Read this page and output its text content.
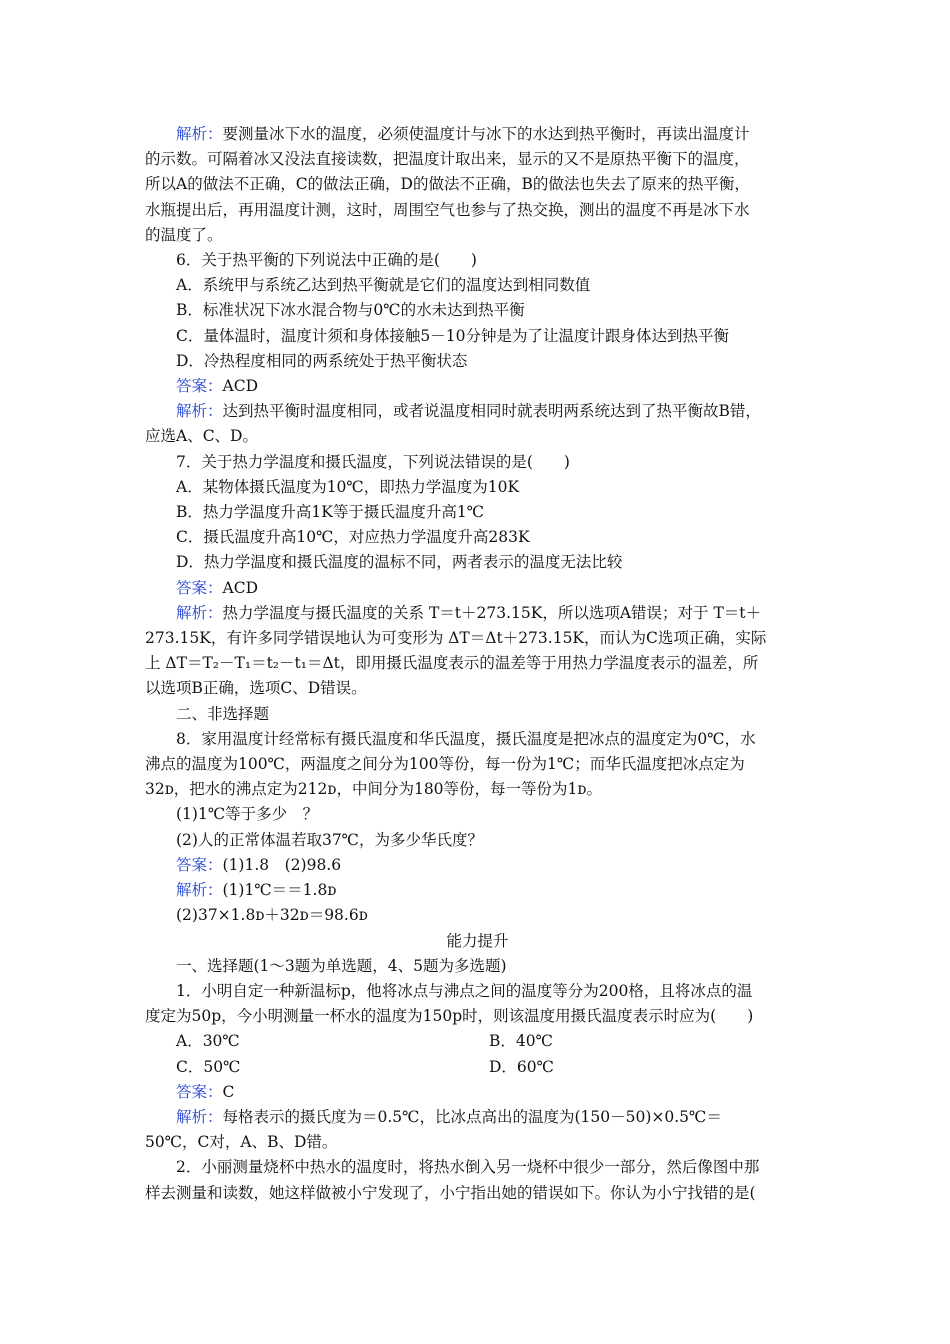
解析：要测量冰下水的温度，必须使温度计与冰下的水达到热平衡时，再读出温度计

的示数。可隔着冰又没法直接读数，把温度计取出来，显示的又不是原热平衡下的温度，

所以A的做法不正确，C的做法正确，D的做法不正确，B的做法也失去了原来的热平衡，

水瓶提出后，再用温度计测，这时，周围空气也参与了热交换，测出的温度不再是冰下水

的温度了。

6．关于热平衡的下列说法中正确的是(　　)

A．系统甲与系统乙达到热平衡就是它们的温度达到相同数值

B．标准状况下冰水混合物与0℃的水未达到热平衡

C．量体温时，温度计须和身体接触5－10分钟是为了让温度计跟身体达到热平衡

D．冷热程度相同的两系统处于热平衡状态

答案：ACD

解析：达到热平衡时温度相同，或者说温度相同时就表明两系统达到了热平衡故B错，

应选A、C、D。

7．关于热力学温度和摄氏温度，下列说法错误的是(　　)

A．某物体摄氏温度为10℃，即热力学温度为10K

B．热力学温度升高1K等于摄氏温度升高1℃

C．摄氏温度升高10℃，对应热力学温度升高283K

D．热力学温度和摄氏温度的温标不同，两者表示的温度无法比较

答案：ACD

解析：热力学温度与摄氏温度的关系 T＝t＋273.15K，所以选项A错误；对于 T＝t＋

273.15K，有许多同学错误地认为可变形为 ΔT＝Δt＋273.15K，而认为C选项正确，实际

上 ΔT＝T₂－T₁＝t₂－t₁＝Δt，即用摄氏温度表示的温差等于用热力学温度表示的温差，所

以选项B正确，选项C、D错误。

二、非选择题

8．家用温度计经常标有摄氏温度和华氏温度，摄氏温度是把冰点的温度定为0℃，水

沸点的温度为100℃，两温度之间分为100等份，每一份为1℃；而华氏温度把冰点定为

32ᴅ，把水的沸点定为212ᴅ，中间分为180等份，每一等份为1ᴅ。

(1)1℃等于多少　？

(2)人的正常体温若取37℃，为多少华氏度？

答案：(1)1.8　(2)98.6

解析：(1)1℃＝＝1.8ᴅ

(2)37×1.8ᴅ＋32ᴅ＝98.6ᴅ

能力提升

一、选择题(1～3题为单选题，4、5题为多选题)

1．小明自定一种新温标p，他将冰点与沸点之间的温度等分为200格，且将冰点的温

度定为50p，今小明测量一杯水的温度为150p时，则该温度用摄氏温度表示时应为(　　)

A．30℃	B．40℃
C．50℃	D．60℃

答案：C

解析：每格表示的摄氏度为＝0.5℃，比冰点高出的温度为(150－50)×0.5℃＝

50℃，C对，A、B、D错。

2．小丽测量烧杯中热水的温度时，将热水倒入另一烧杯中很少一部分，然后像图中那

样去测量和读数，她这样做被小宁发现了，小宁指出她的错误如下。你认为小宁找错的是(
